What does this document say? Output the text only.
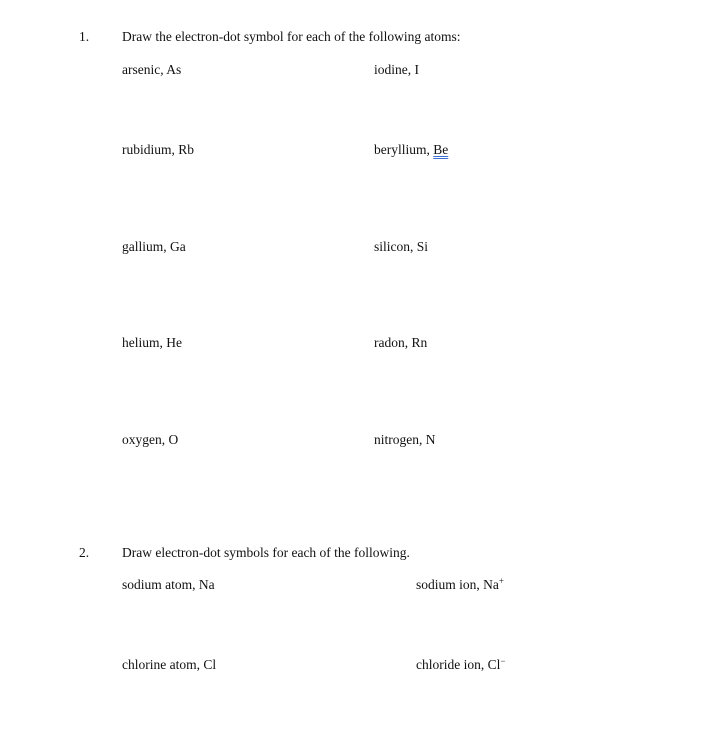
1. Draw the electron-dot symbol for each of the following atoms:
arsenic, As	iodine, I
rubidium, Rb	beryllium, Be
gallium, Ga	silicon, Si
helium, He	radon, Rn
oxygen, O	nitrogen, N
2. Draw electron-dot symbols for each of the following.
sodium atom, Na	sodium ion, Na+
chlorine atom, Cl	chloride ion, Cl−
